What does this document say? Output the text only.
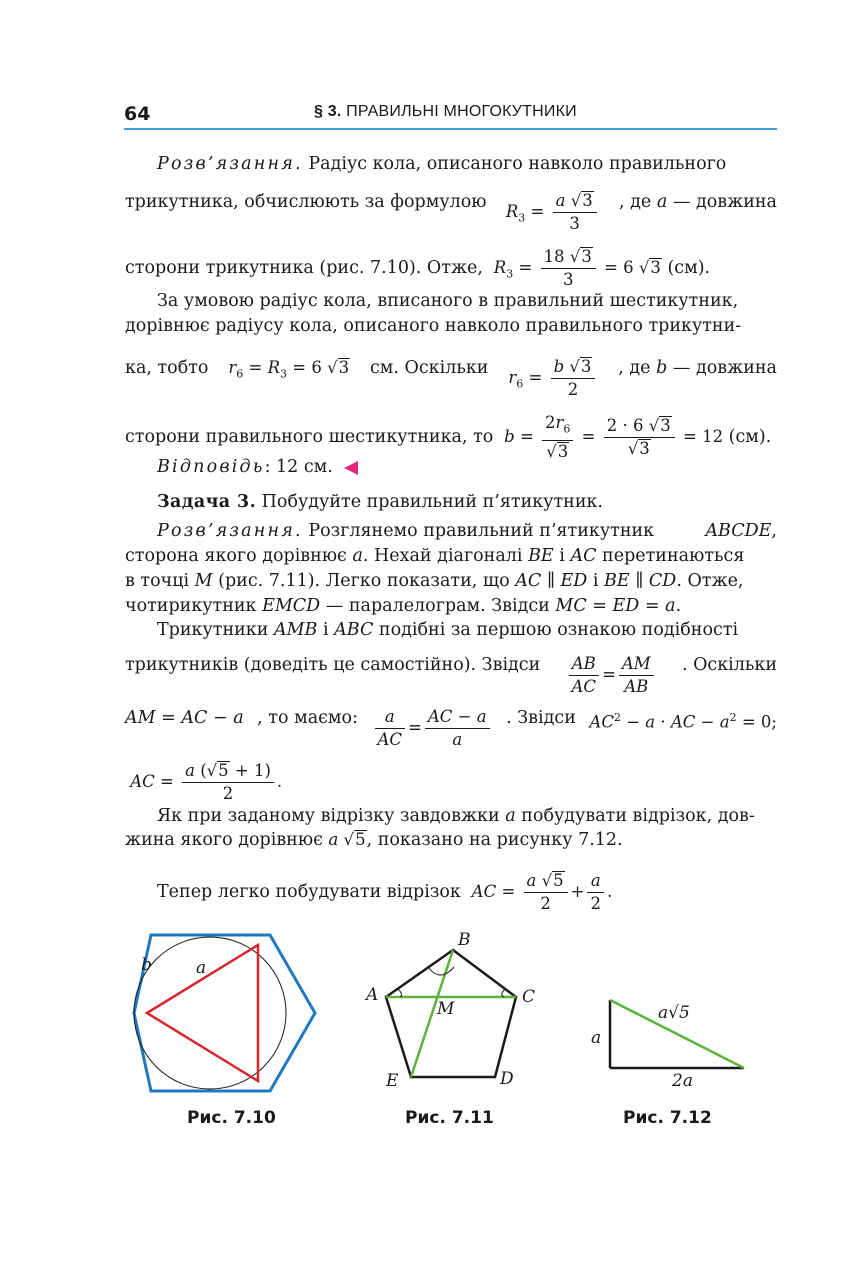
64	§ 3. ПРАВИЛЬНІ МНОГОКУТНИКИ
Розв’язання. Радіус кола, описаного навколо правильного
трикутника, обчислюють за формулою $R_3 = \frac{a √3}{3}$ , де a — довжина
сторони трикутника (рис. 7.10). Отже, $R_3 = \frac{18 √3}{3} = 6$ √3 (см).
За умовою радіус кола, вписаного в правильний шестикутник,
дорівнює радіусу кола, описаного навколо правильного трикутни-
ка, тобто $r_6 = R_3 = 6$ √3 см. Оскільки $r_6 = \frac{b √3}{2}$ , де b — довжина
сторони правильного шестикутника, то $b = \frac{2r_6}{√3} = \frac{2 \cdot 6 √3}{√3} = 12$ (см).
Відповідь: 12 см.
Задача 3. Побудуйте правильний п’ятикутник.
Розв’язання. Розглянемо правильний п’ятикутник	ABCDE,
сторона якого дорівнює a. Нехай діагоналі BE і AC перетинаються
в точці M (рис. 7.11). Легко показати, що AC ∥ ED і BE ∥ CD. Отже,
чотирикутник EMCD — паралелограм. Звідси MC = ED = a.
Трикутники AMB і ABC подібні за першою ознакою подібності
трикутників (доведіть це самостійно). Звідси $\frac{AB}{AC} = \frac{AM}{AB}$ . Оскільки
AM = AC − a , то маємо: $\frac{a}{AC} = \frac{AC - a}{a}$ . Звідси $AC^2 - a$ · AC − $a^2 = 0$;
AC = $\frac{a (√5 + 1)}{2}$ .
Як при заданому відрізку завдовжки a побудувати відрізок, дов-
жина якого дорівнює a √5, показано на рисунку 7.12.
Тепер легко побудувати відрізок AC = $\frac{a √5}{2} + \frac{a}{2}$ .
b	a
Рис. 7.10
B
A	C
M
E	D
Рис. 7.11
a√5
a
2a
Рис. 7.12
